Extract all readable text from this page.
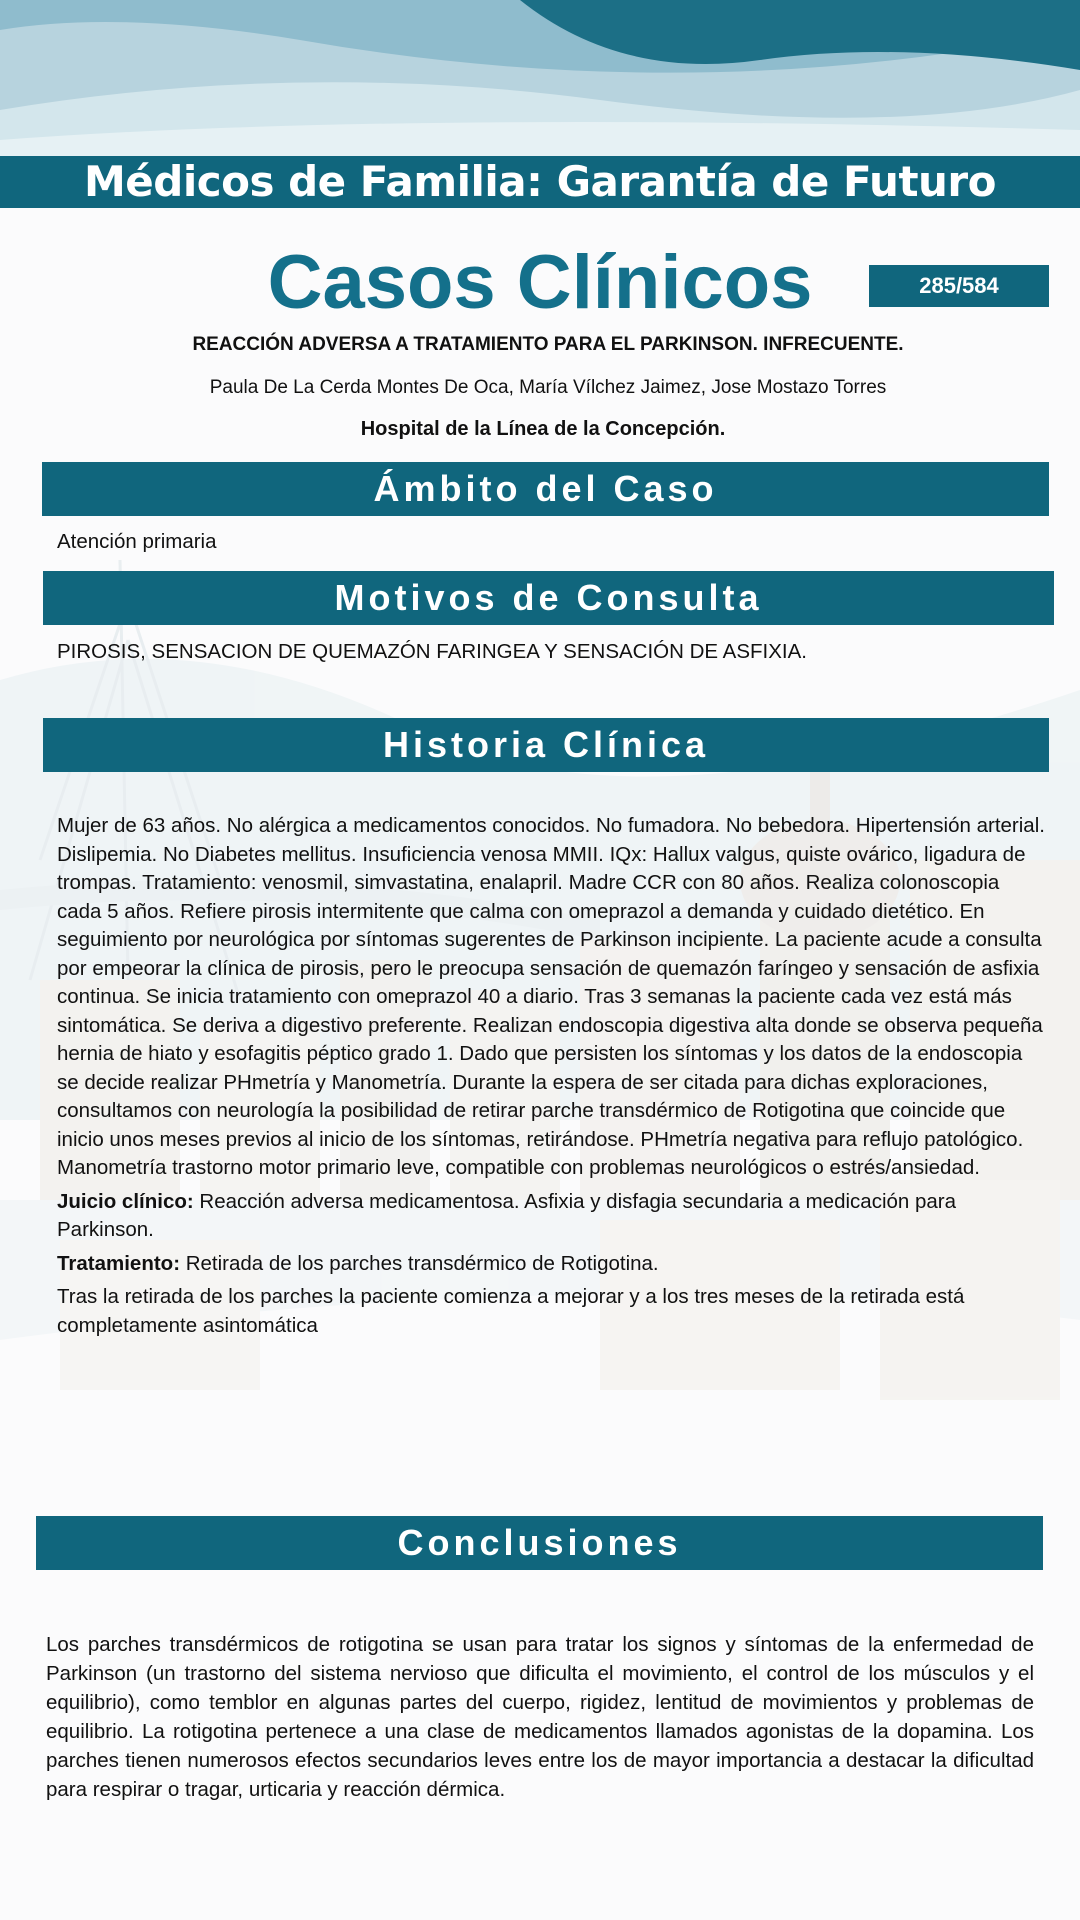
Médicos de Familia: Garantía de Futuro
Casos Clínicos	285/584
REACCIÓN ADVERSA A TRATAMIENTO PARA EL PARKINSON. INFRECUENTE.
Paula De La Cerda Montes De Oca, María Vílchez Jaimez, Jose Mostazo Torres
Hospital de la Línea de la Concepción.
Ámbito del Caso
Atención primaria
Motivos de Consulta
PIROSIS, SENSACION DE QUEMAZÓN FARINGEA Y SENSACIÓN DE ASFIXIA.
Historia Clínica

Mujer de 63 años. No alérgica a medicamentos conocidos. No fumadora. No bebedora. Hipertensión arterial. Dislipemia. No Diabetes mellitus. Insuficiencia venosa MMII. IQx: Hallux valgus, quiste ovárico, ligadura de trompas. Tratamiento: venosmil, simvastatina, enalapril. Madre CCR con 80 años. Realiza colonoscopia cada 5 años. Refiere pirosis intermitente que calma con omeprazol a demanda y cuidado dietético. En seguimiento por neurológica por síntomas sugerentes de Parkinson incipiente. La paciente acude a consulta por empeorar la clínica de pirosis, pero le preocupa sensación de quemazón faríngeo y sensación de asfixia continua. Se inicia tratamiento con omeprazol 40 a diario. Tras 3 semanas la paciente cada vez está más sintomática. Se deriva a digestivo preferente. Realizan endoscopia digestiva alta donde se observa pequeña hernia de hiato y esofagitis péptico grado 1. Dado que persisten los síntomas y los datos de la endoscopia se decide realizar PHmetría y Manometría. Durante la espera de ser citada para dichas exploraciones, consultamos con neurología la posibilidad de retirar parche transdérmico de Rotigotina que coincide que inicio unos meses previos al inicio de los síntomas, retirándose. PHmetría negativa para reflujo patológico. Manometría trastorno motor primario leve, compatible con problemas neurológicos o estrés/ansiedad.

Juicio clínico: Reacción adversa medicamentosa. Asfixia y disfagia secundaria a medicación para Parkinson.

Tratamiento: Retirada de los parches transdérmico de Rotigotina.

Tras la retirada de los parches la paciente comienza a mejorar y a los tres meses de la retirada está completamente asintomática

Conclusiones
Los parches transdérmicos de rotigotina se usan para tratar los signos y síntomas de la enfermedad de Parkinson (un trastorno del sistema nervioso que dificulta el movimiento, el control de los músculos y el equilibrio), como temblor en algunas partes del cuerpo, rigidez, lentitud de movimientos y problemas de equilibrio. La rotigotina pertenece a una clase de medicamentos llamados agonistas de la dopamina. Los parches tienen numerosos efectos secundarios leves entre los de mayor importancia a destacar la dificultad para respirar o tragar, urticaria y reacción dérmica.
